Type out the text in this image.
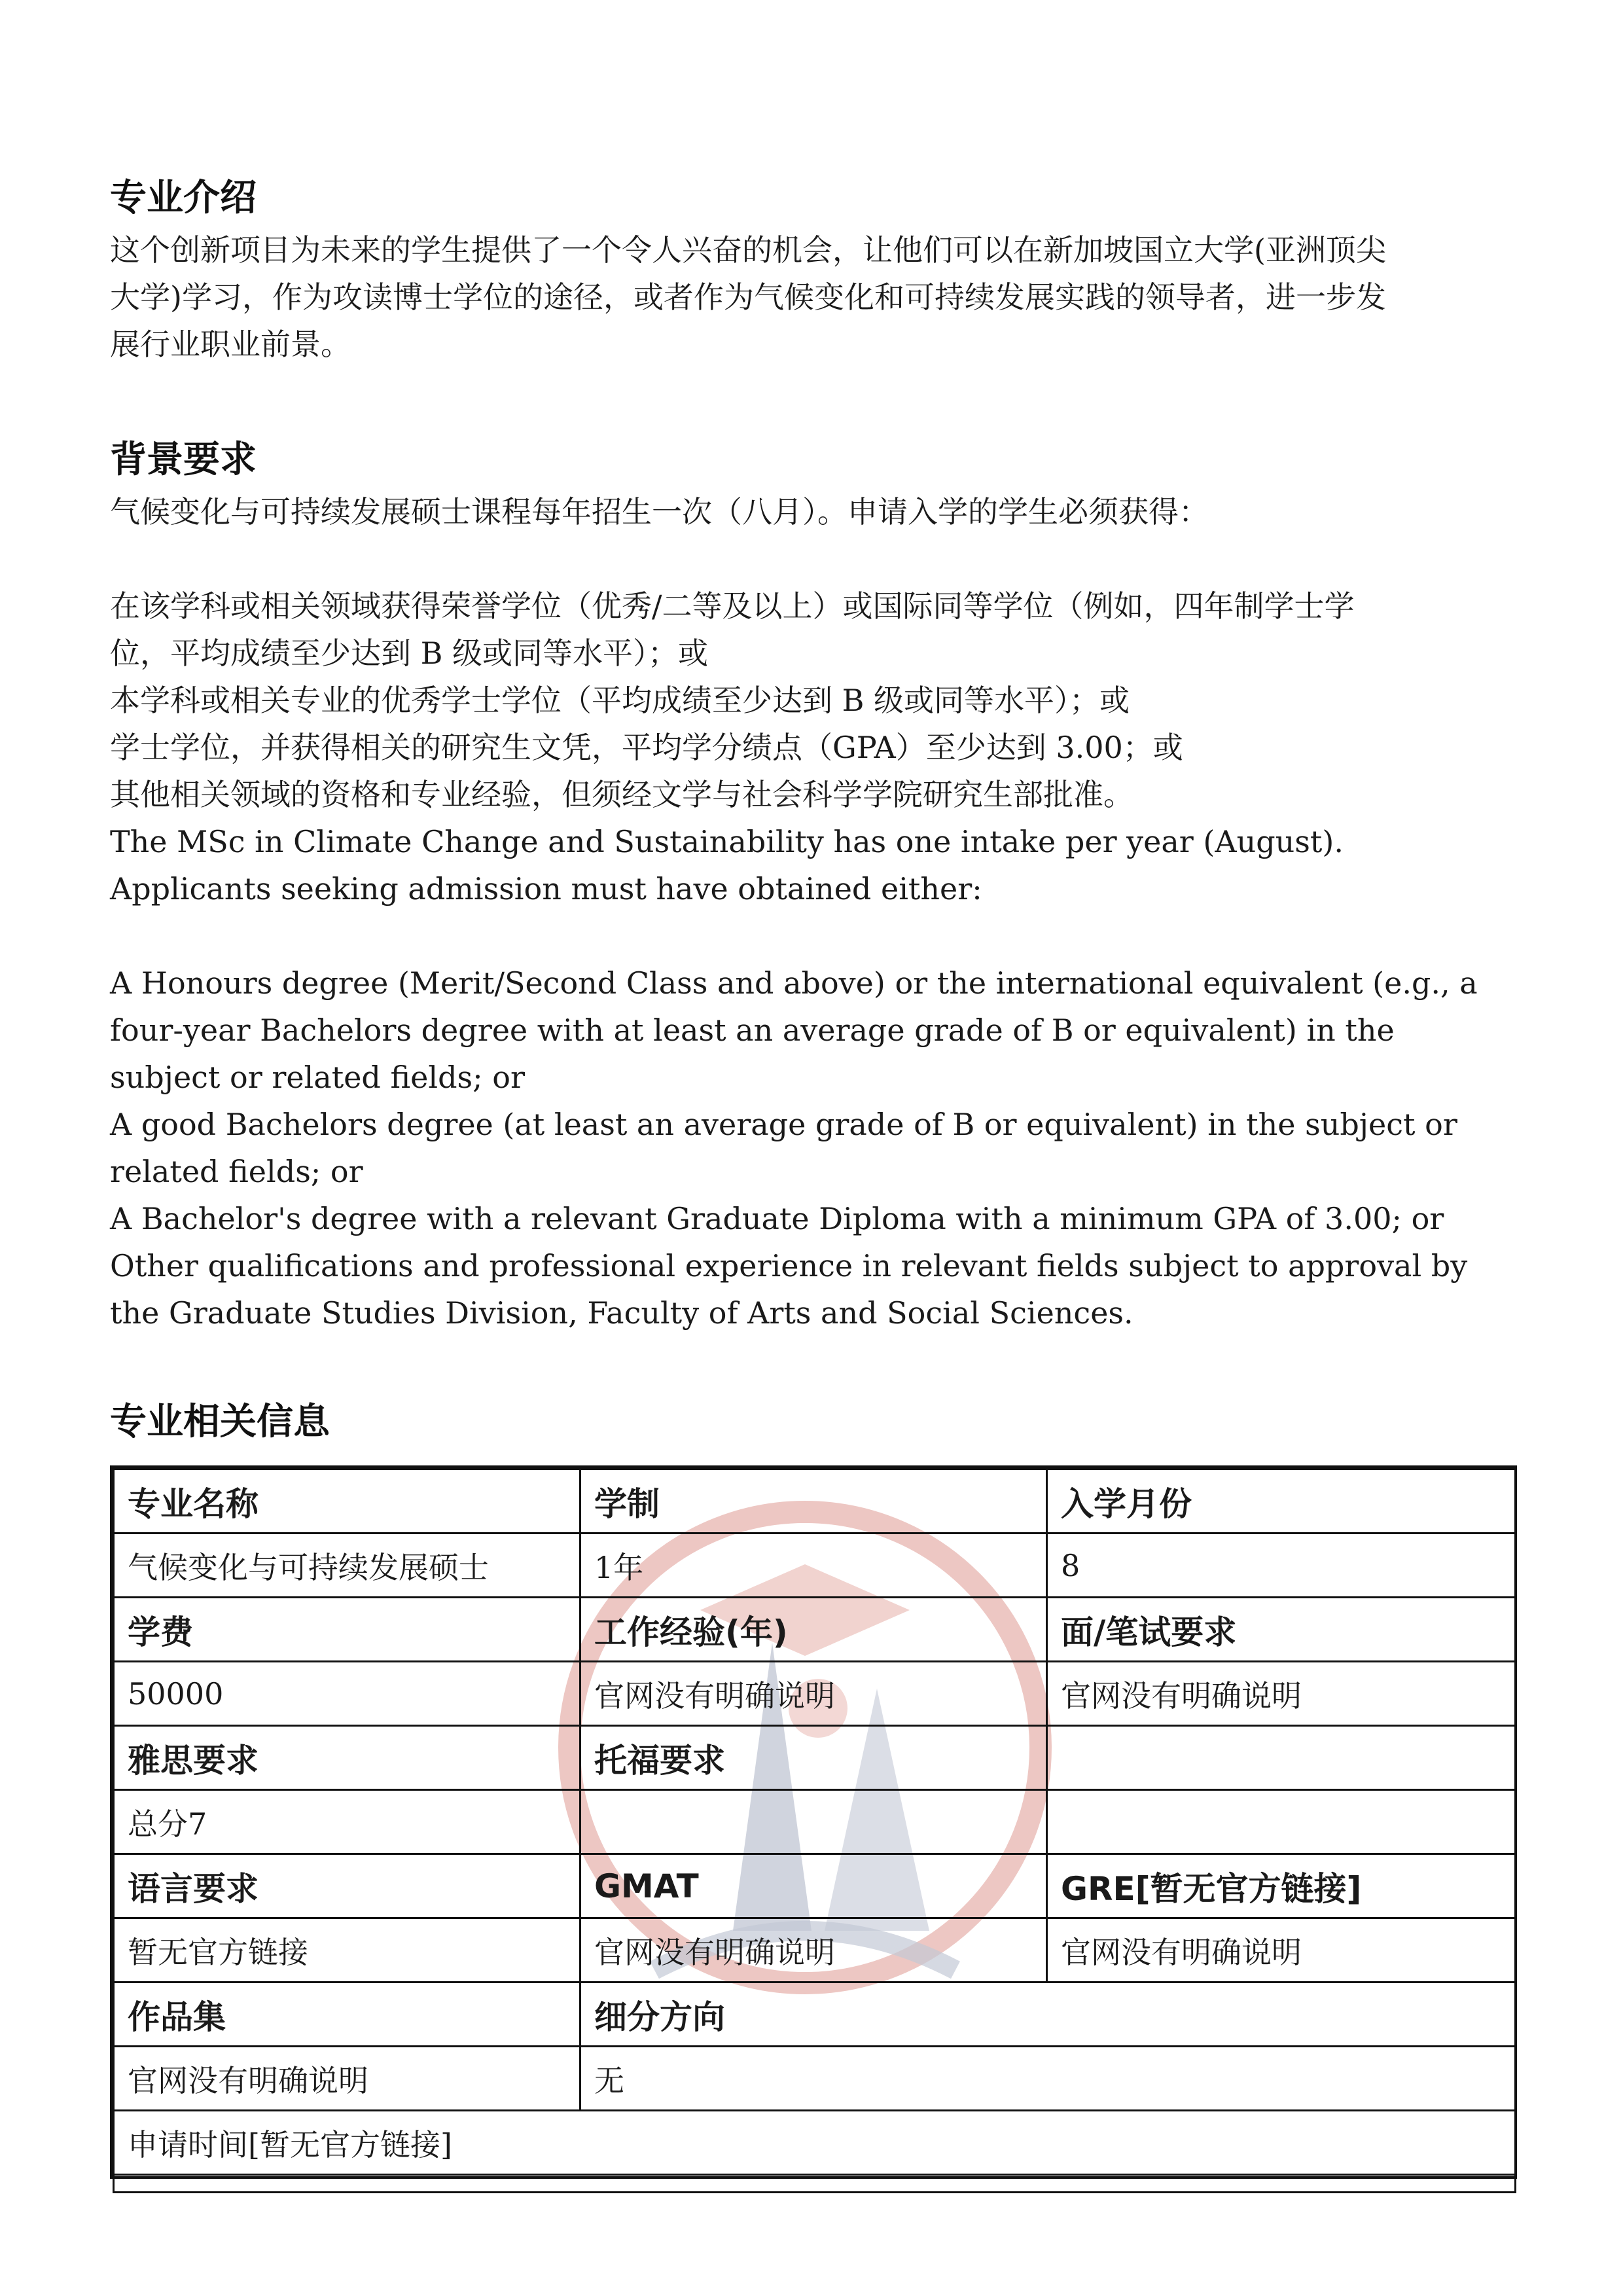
专业介绍
这个创新项目为未来的学生提供了一个令人兴奋的机会，让他们可以在新加坡国立大学(亚洲顶尖
大学)学习，作为攻读博士学位的途径，或者作为气候变化和可持续发展实践的领导者，进一步发
展行业职业前景。
背景要求
气候变化与可持续发展硕士课程每年招生一次（八月）。申请入学的学生必须获得：
在该学科或相关领域获得荣誉学位（优秀/二等及以上）或国际同等学位（例如，四年制学士学
位，平均成绩至少达到 B 级或同等水平）；或
本学科或相关专业的优秀学士学位（平均成绩至少达到 B 级或同等水平）；或
学士学位，并获得相关的研究生文凭，平均学分绩点（GPA）至少达到 3.00；或
其他相关领域的资格和专业经验，但须经文学与社会科学学院研究生部批准。
The MSc in Climate Change and Sustainability has one intake per year (August).
Applicants seeking admission must have obtained either:
A Honours degree (Merit/Second Class and above) or the international equivalent (e.g., a
four-year Bachelors degree with at least an average grade of B or equivalent) in the
subject or related fields; or
A good Bachelors degree (at least an average grade of B or equivalent) in the subject or
related fields; or
A Bachelor's degree with a relevant Graduate Diploma with a minimum GPA of 3.00; or
Other qualifications and professional experience in relevant fields subject to approval by
the Graduate Studies Division, Faculty of Arts and Social Sciences.
专业相关信息
专业名称	学制	入学月份
气候变化与可持续发展硕士	1年	8
学费	工作经验(年)	面/笔试要求
50000	官网没有明确说明	官网没有明确说明
雅思要求	托福要求	
总分7		
语言要求	GMAT	GRE[暂无官方链接]
暂无官方链接	官网没有明确说明	官网没有明确说明
作品集	细分方向	
官网没有明确说明	无	
申请时间[暂无官方链接]		
